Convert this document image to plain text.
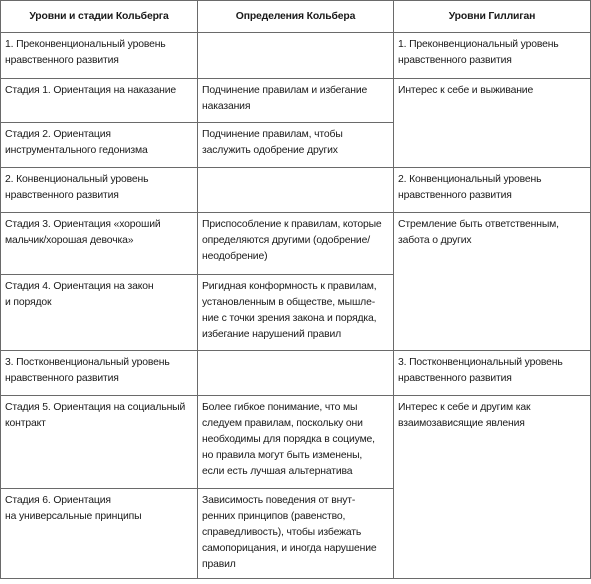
Уровни и стадии Кольберга	Определения Кольбера	Уровни Гиллиган

1. Преконвенциональный уровень
нравственного развития		1. Преконвенциональный уровень
нравственного развития

Стадия 1. Ориентация на наказание	Подчинение правилам и избегание
наказания	Интерес к себе и выживание

Стадия 2. Ориентация
инструментального гедонизма	Подчинение правилам, чтобы
заслужить одобрение других	

2. Конвенциональный уровень
нравственного развития		2. Конвенциональный уровень
нравственного развития

Стадия 3. Ориентация «хороший
мальчик/хорошая девочка»	Приспособление к правилам, которые
определяются другими (одобрение/
неодобрение)	Стремление быть ответственным,
забота о других

Стадия 4. Ориентация на закон
и порядок	Ригидная конформность к правилам,
установленным в обществе, мышле-
ние с точки зрения закона и порядка,
избегание нарушений правил	

3. Постконвенциональный уровень
нравственного развития		3. Постконвенциональный уровень
нравственного развития

Стадия 5. Ориентация на социальный
контракт	Более гибкое понимание, что мы
следуем правилам, поскольку они
необходимы для порядка в социуме,
но правила могут быть изменены,
если есть лучшая альтернатива	Интерес к себе и другим как
взаимозависящие явления

Стадия 6. Ориентация
на универсальные принципы	Зависимость поведения от внут-
ренних принципов (равенство,
справедливость), чтобы избежать
самопорицания, и иногда нарушение
правил	
